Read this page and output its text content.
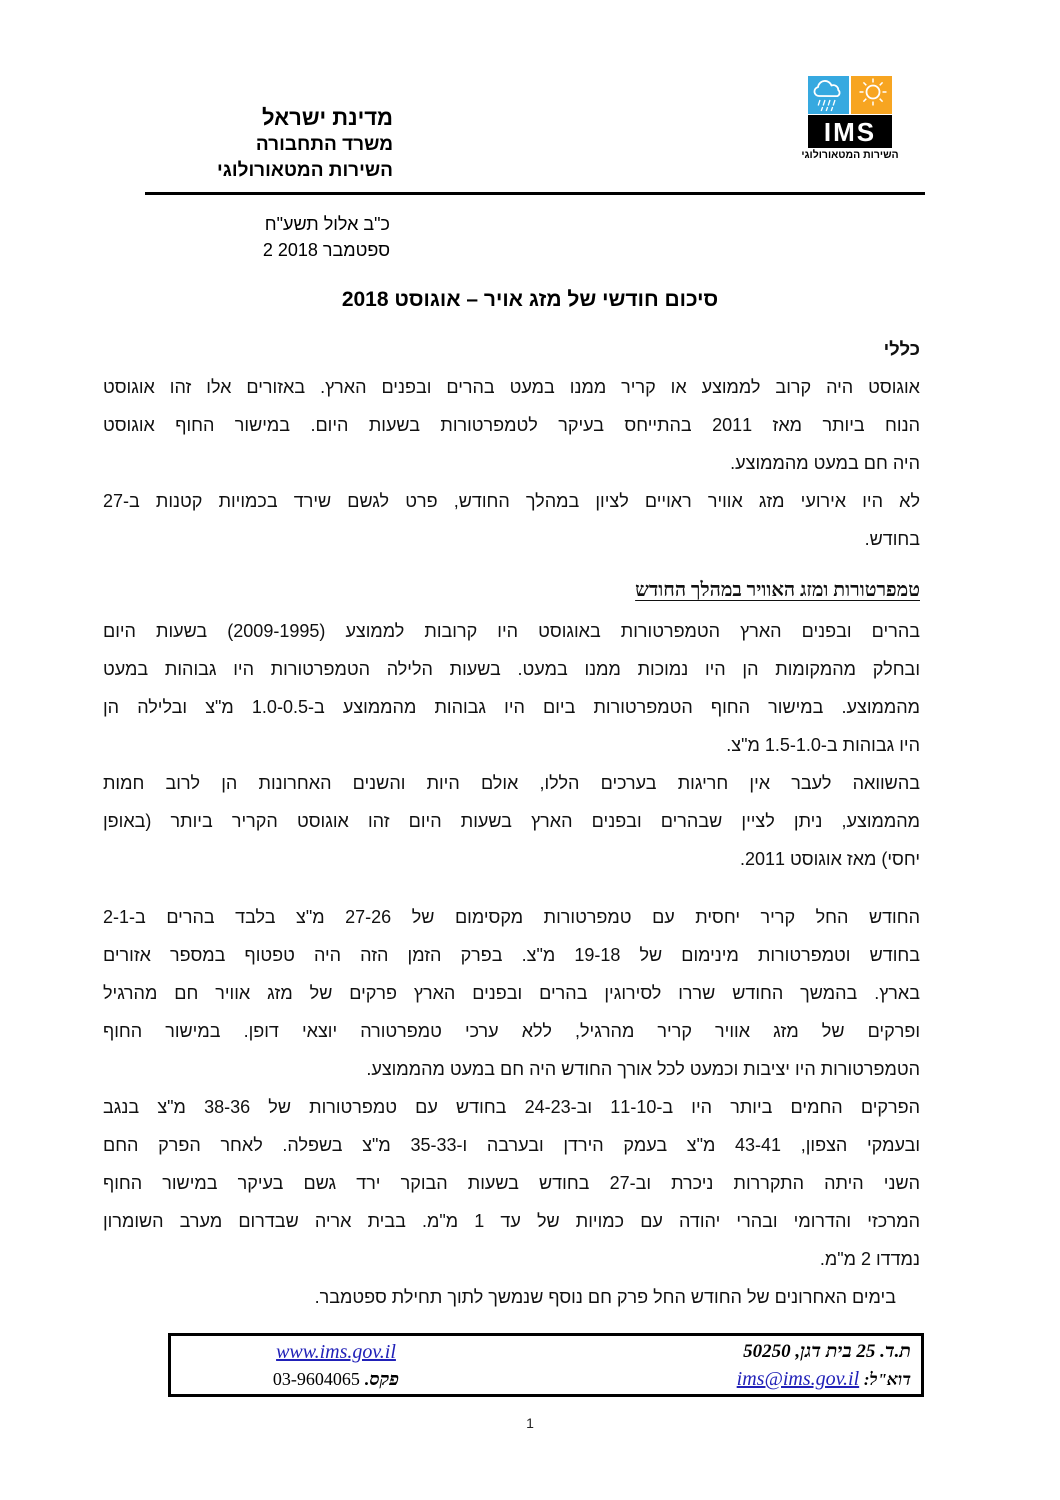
מדינת ישראל
משרד התחבורה
השירות המטאורולוגי
IMS
השירות המטאורולוגי
כ"ב אלול תשע"ח
2 ספטמבר 2018
סיכום חודשי של מזג אויר – אוגוסט 2018
כללי
אוגוסט היה קרוב לממוצע או קריר ממנו במעט בהרים ובפנים הארץ. באזורים אלו זהו אוגוסט
הנוח ביותר מאז 2011 בהתייחס בעיקר לטמפרטורות בשעות היום. במישור החוף אוגוסט
היה חם במעט מהממוצע.
לא היו אירועי מזג אוויר ראויים לציון במהלך החודש, פרט לגשם שירד בכמויות קטנות ב-27
בחודש.
טמפרטורות ומזג האוויר במהלך החודש
בהרים ובפנים הארץ הטמפרטורות באוגוסט היו קרובות לממוצע (2009-1995) בשעות היום
ובחלק מהמקומות הן היו נמוכות ממנו במעט. בשעות הלילה הטמפרטורות היו גבוהות במעט
מהממוצע. במישור החוף הטמפרטורות ביום היו גבוהות מהממוצע ב-1.0-0.5 מ"צ ובלילה הן
היו גבוהות ב-1.5-1.0 מ"צ.
בהשוואה לעבר אין חריגות בערכים הללו, אולם היות והשנים האחרונות הן לרוב חמות
מהממוצע, ניתן לציין שבהרים ובפנים הארץ בשעות היום זהו אוגוסט הקריר ביותר (באופן
יחסי) מאז אוגוסט 2011.
החודש החל קריר יחסית עם טמפרטורות מקסימום של 27-26 מ"צ בלבד בהרים ב-2-1
בחודש וטמפרטורות מינימום של 19-18 מ"צ. בפרק הזמן הזה היה טפטוף במספר אזורים
בארץ. בהמשך החודש שררו לסירוגין בהרים ובפנים הארץ פרקים של מזג אוויר חם מהרגיל
ופרקים של מזג אוויר קריר מהרגיל, ללא ערכי טמפרטורה יוצאי דופן. במישור החוף
הטמפרטורות היו יציבות וכמעט לכל אורך החודש היה חם במעט מהממוצע.
הפרקים החמים ביותר היו ב-11-10 וב-24-23 בחודש עם טמפרטורות של 38-36 מ"צ בנגב
ובעמקי הצפון, 43-41 מ"צ בעמק הירדן ובערבה ו-35-33 מ"צ בשפלה. לאחר הפרק החם
השני היתה התקררות ניכרת וב-27 בחודש בשעות הבוקר ירד גשם בעיקר במישור החוף
המרכזי והדרומי ובהרי יהודה עם כמויות של עד 1 מ"מ. בבית אריה שבדרום מערב השומרון
נמדדו 2 מ"מ.
בימים האחרונים של החודש החל פרק חם נוסף שנמשך לתוך תחילת ספטמבר.
www.ims.gov.il
פקס. 03-9604065
ת.ד. 25 בית דגן, 50250
דוא"ל: ims@ims.gov.il
1
